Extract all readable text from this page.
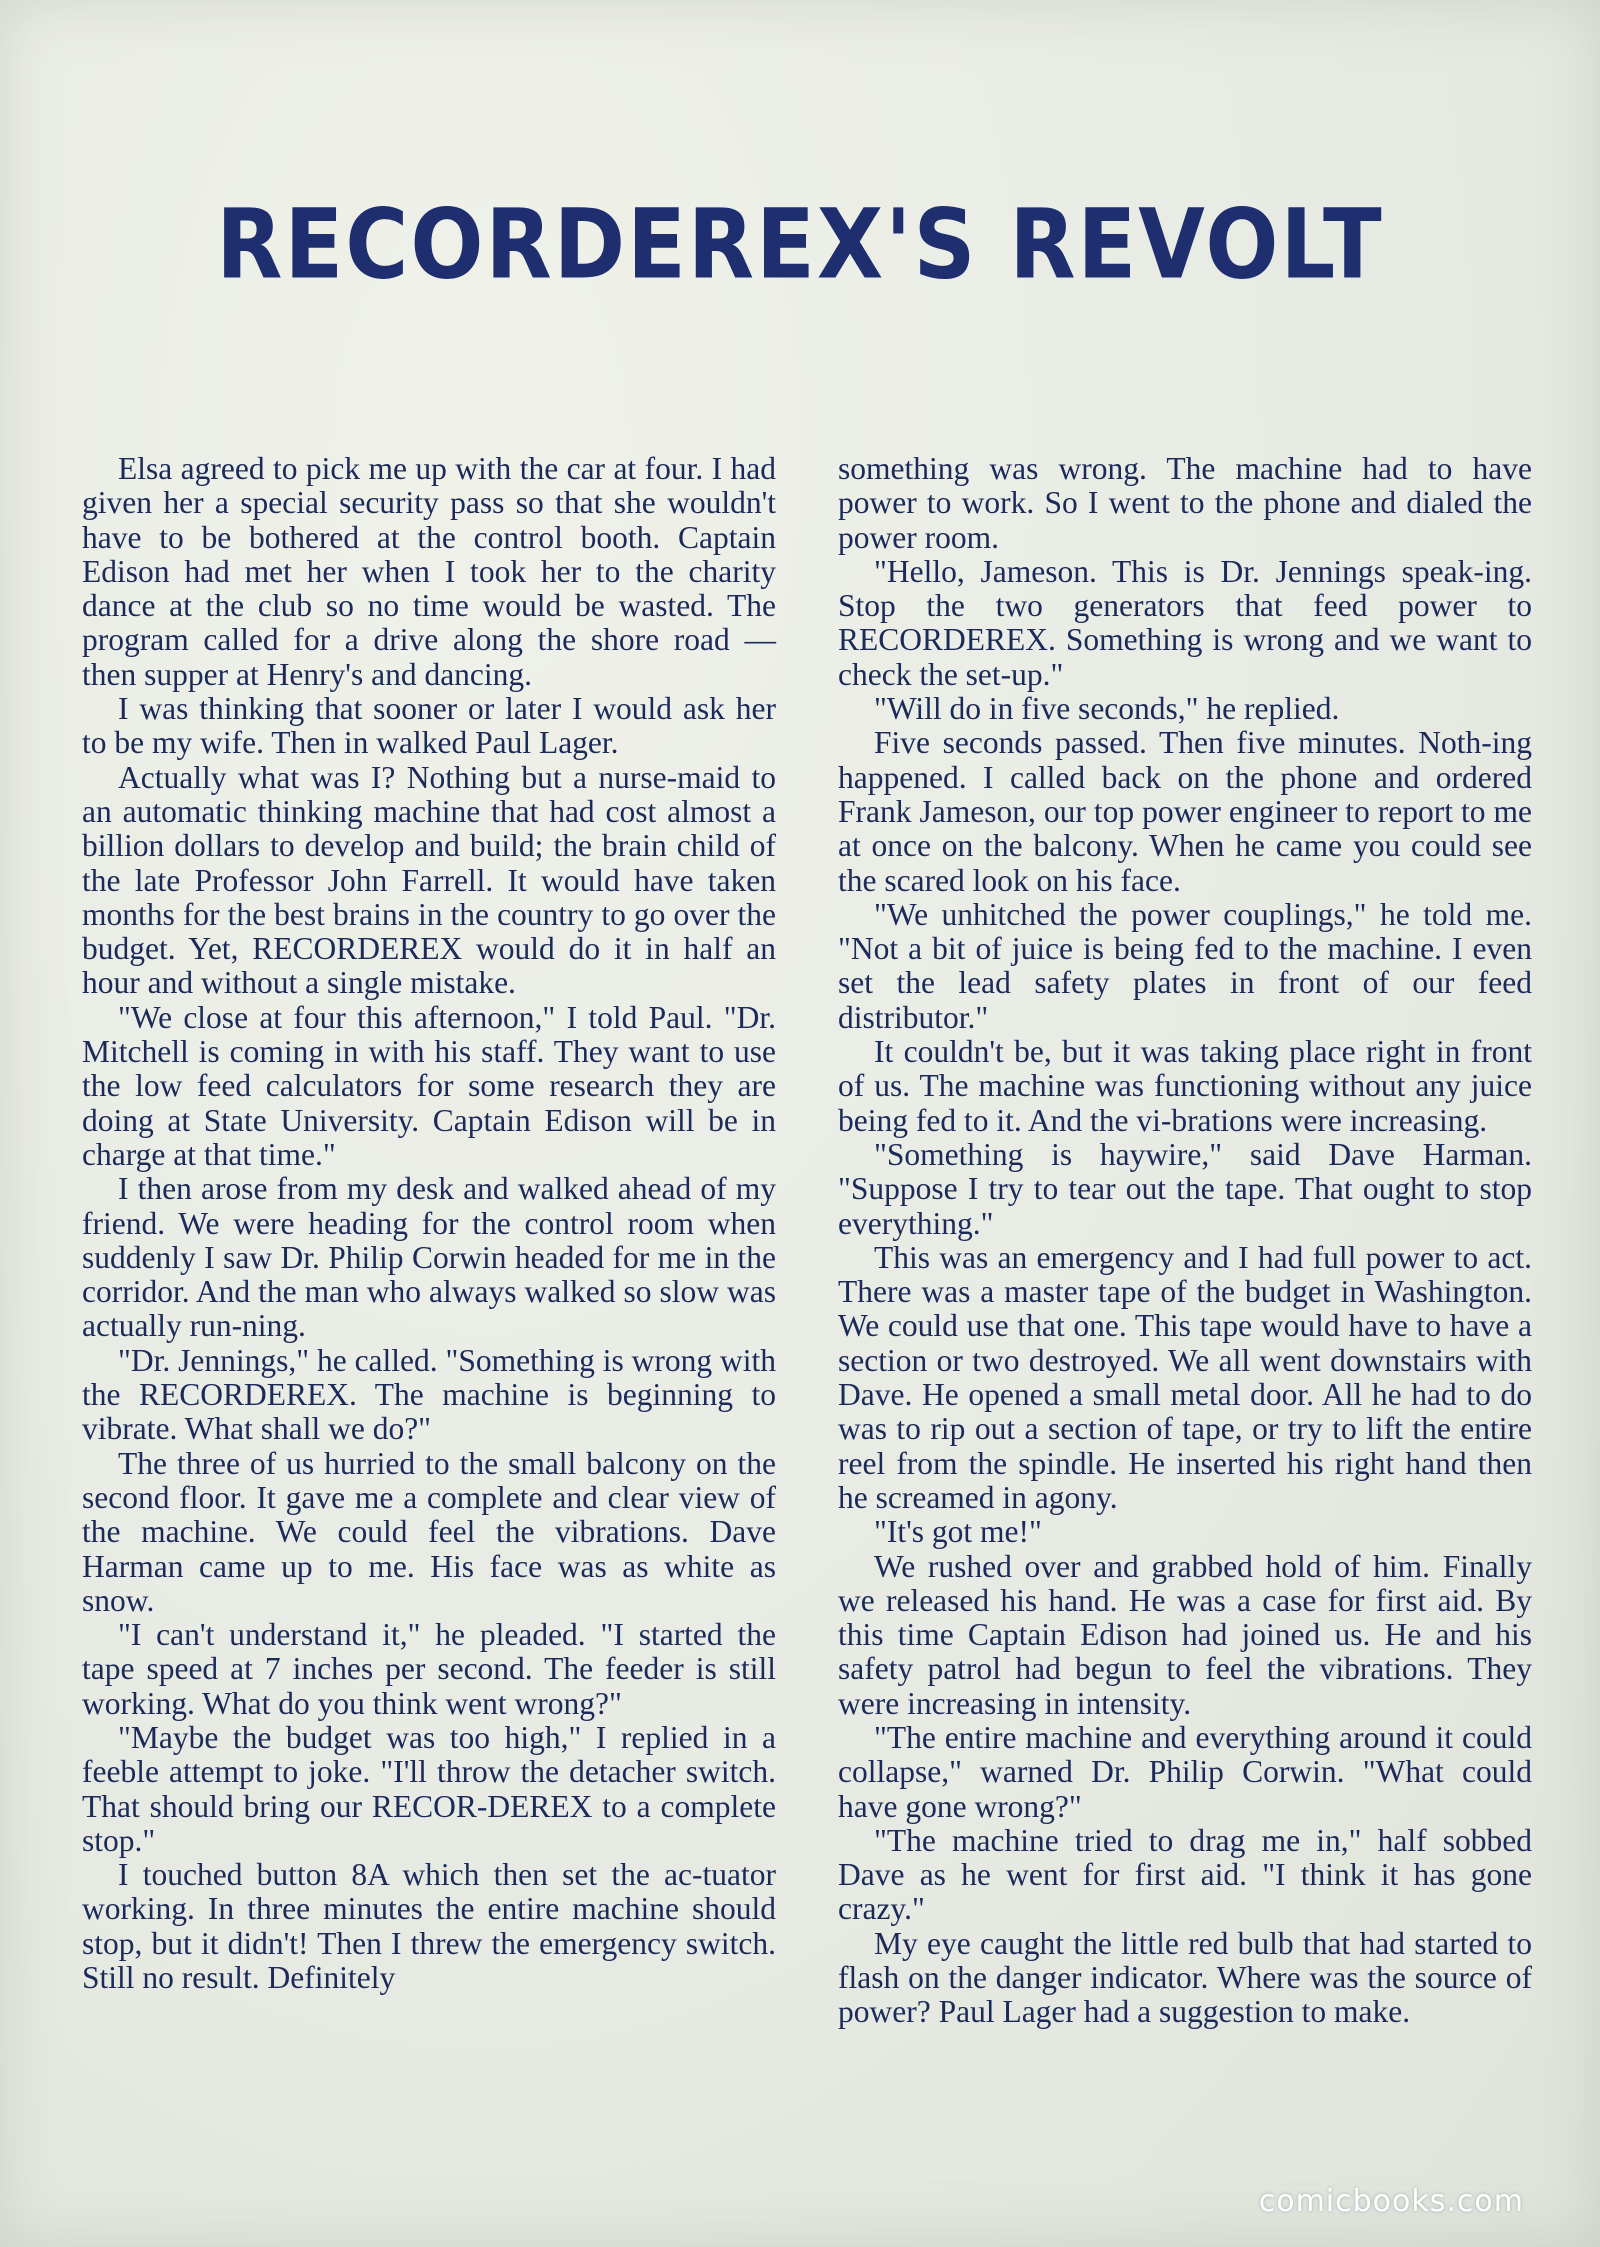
RECORDEREX'S REVOLT

Elsa agreed to pick me up with the car at four. I had given her a special security pass so that she wouldn't have to be bothered at the control booth. Captain Edison had met her when I took her to the charity dance at the club so no time would be wasted. The program called for a drive along the shore road — then supper at Henry's and dancing.

I was thinking that sooner or later I would ask her to be my wife. Then in walked Paul Lager.

Actually what was I? Nothing but a nurse-maid to an automatic thinking machine that had cost almost a billion dollars to develop and build; the brain child of the late Professor John Farrell. It would have taken months for the best brains in the country to go over the budget. Yet, RECORDEREX would do it in half an hour and without a single mistake.

"We close at four this afternoon," I told Paul. "Dr. Mitchell is coming in with his staff. They want to use the low feed calculators for some research they are doing at State University. Captain Edison will be in charge at that time."

I then arose from my desk and walked ahead of my friend. We were heading for the control room when suddenly I saw Dr. Philip Corwin headed for me in the corridor. And the man who always walked so slow was actually run-ning.

"Dr. Jennings," he called. "Something is wrong with the RECORDEREX. The machine is beginning to vibrate. What shall we do?"

The three of us hurried to the small balcony on the second floor. It gave me a complete and clear view of the machine. We could feel the vibrations. Dave Harman came up to me. His face was as white as snow.

"I can't understand it," he pleaded. "I started the tape speed at 7 inches per second. The feeder is still working. What do you think went wrong?"

"Maybe the budget was too high," I replied in a feeble attempt to joke. "I'll throw the detacher switch. That should bring our RECOR-DEREX to a complete stop."

I touched button 8A which then set the ac-tuator working. In three minutes the entire machine should stop, but it didn't! Then I threw the emergency switch. Still no result. Definitely

something was wrong. The machine had to have power to work. So I went to the phone and dialed the power room.

"Hello, Jameson. This is Dr. Jennings speak-ing. Stop the two generators that feed power to RECORDEREX. Something is wrong and we want to check the set-up."

"Will do in five seconds," he replied.

Five seconds passed. Then five minutes. Noth-ing happened. I called back on the phone and ordered Frank Jameson, our top power engineer to report to me at once on the balcony. When he came you could see the scared look on his face.

"We unhitched the power couplings," he told me. "Not a bit of juice is being fed to the machine. I even set the lead safety plates in front of our feed distributor."

It couldn't be, but it was taking place right in front of us. The machine was functioning without any juice being fed to it. And the vi-brations were increasing.

"Something is haywire," said Dave Harman. "Suppose I try to tear out the tape. That ought to stop everything."

This was an emergency and I had full power to act. There was a master tape of the budget in Washington. We could use that one. This tape would have to have a section or two destroyed. We all went downstairs with Dave. He opened a small metal door. All he had to do was to rip out a section of tape, or try to lift the entire reel from the spindle. He inserted his right hand then he screamed in agony.

"It's got me!"

We rushed over and grabbed hold of him. Finally we released his hand. He was a case for first aid. By this time Captain Edison had joined us. He and his safety patrol had begun to feel the vibrations. They were increasing in intensity.

"The entire machine and everything around it could collapse," warned Dr. Philip Corwin. "What could have gone wrong?"

"The machine tried to drag me in," half sobbed Dave as he went for first aid. "I think it has gone crazy."

My eye caught the little red bulb that had started to flash on the danger indicator. Where was the source of power? Paul Lager had a suggestion to make.

comicbooks.com
